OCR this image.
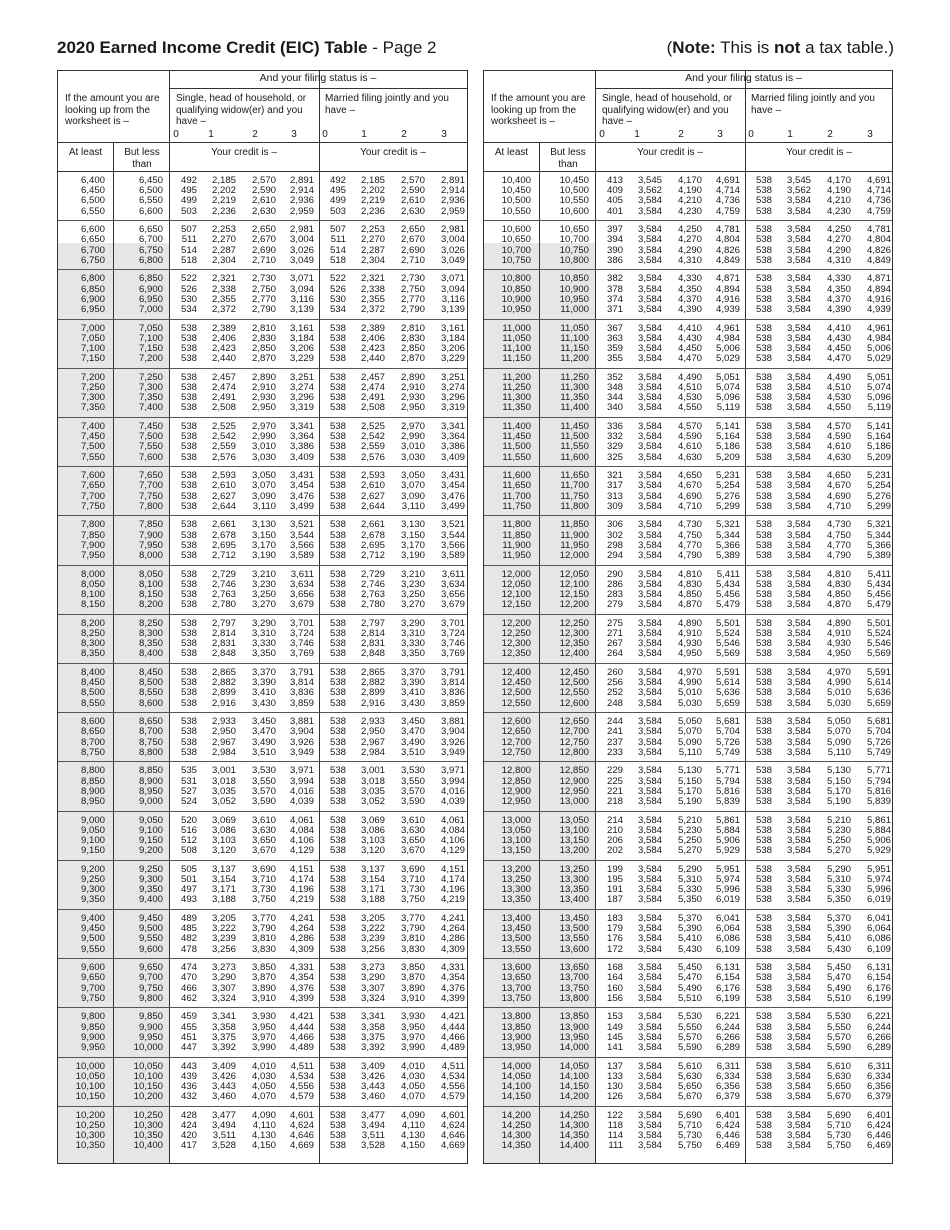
2020 Earned Income Credit (EIC) Table - Page 2	(Note: This is not a tax table.)
And your filing status is –
If the amount you are looking up from the worksheet is –
Single, head of household, or qualifying widow(er) and you have –
Married filing jointly and you have –
0	0
1	1
2	2
3	3
At least	But less than
Your credit is –	Your credit is –
6,400	6,450	492	2,185	2,570	2,891	492	2,185	2,570	2,891
6,450	6,500	495	2,202	2,590	2,914	495	2,202	2,590	2,914
6,500	6,550	499	2,219	2,610	2,936	499	2,219	2,610	2,936
6,550	6,600	503	2,236	2,630	2,959	503	2,236	2,630	2,959
6,600	6,650	507	2,253	2,650	2,981	507	2,253	2,650	2,981
6,650	6,700	511	2,270	2,670	3,004	511	2,270	2,670	3,004
6,700	6,750	514	2,287	2,690	3,026	514	2,287	2,690	3,026
6,750	6,800	518	2,304	2,710	3,049	518	2,304	2,710	3,049
6,800	6,850	522	2,321	2,730	3,071	522	2,321	2,730	3,071
6,850	6,900	526	2,338	2,750	3,094	526	2,338	2,750	3,094
6,900	6,950	530	2,355	2,770	3,116	530	2,355	2,770	3,116
6,950	7,000	534	2,372	2,790	3,139	534	2,372	2,790	3,139
7,000	7,050	538	2,389	2,810	3,161	538	2,389	2,810	3,161
7,050	7,100	538	2,406	2,830	3,184	538	2,406	2,830	3,184
7,100	7,150	538	2,423	2,850	3,206	538	2,423	2,850	3,206
7,150	7,200	538	2,440	2,870	3,229	538	2,440	2,870	3,229
7,200	7,250	538	2,457	2,890	3,251	538	2,457	2,890	3,251
7,250	7,300	538	2,474	2,910	3,274	538	2,474	2,910	3,274
7,300	7,350	538	2,491	2,930	3,296	538	2,491	2,930	3,296
7,350	7,400	538	2,508	2,950	3,319	538	2,508	2,950	3,319
7,400	7,450	538	2,525	2,970	3,341	538	2,525	2,970	3,341
7,450	7,500	538	2,542	2,990	3,364	538	2,542	2,990	3,364
7,500	7,550	538	2,559	3,010	3,386	538	2,559	3,010	3,386
7,550	7,600	538	2,576	3,030	3,409	538	2,576	3,030	3,409
7,600	7,650	538	2,593	3,050	3,431	538	2,593	3,050	3,431
7,650	7,700	538	2,610	3,070	3,454	538	2,610	3,070	3,454
7,700	7,750	538	2,627	3,090	3,476	538	2,627	3,090	3,476
7,750	7,800	538	2,644	3,110	3,499	538	2,644	3,110	3,499
7,800	7,850	538	2,661	3,130	3,521	538	2,661	3,130	3,521
7,850	7,900	538	2,678	3,150	3,544	538	2,678	3,150	3,544
7,900	7,950	538	2,695	3,170	3,566	538	2,695	3,170	3,566
7,950	8,000	538	2,712	3,190	3,589	538	2,712	3,190	3,589
8,000	8,050	538	2,729	3,210	3,611	538	2,729	3,210	3,611
8,050	8,100	538	2,746	3,230	3,634	538	2,746	3,230	3,634
8,100	8,150	538	2,763	3,250	3,656	538	2,763	3,250	3,656
8,150	8,200	538	2,780	3,270	3,679	538	2,780	3,270	3,679
8,200	8,250	538	2,797	3,290	3,701	538	2,797	3,290	3,701
8,250	8,300	538	2,814	3,310	3,724	538	2,814	3,310	3,724
8,300	8,350	538	2,831	3,330	3,746	538	2,831	3,330	3,746
8,350	8,400	538	2,848	3,350	3,769	538	2,848	3,350	3,769
8,400	8,450	538	2,865	3,370	3,791	538	2,865	3,370	3,791
8,450	8,500	538	2,882	3,390	3,814	538	2,882	3,390	3,814
8,500	8,550	538	2,899	3,410	3,836	538	2,899	3,410	3,836
8,550	8,600	538	2,916	3,430	3,859	538	2,916	3,430	3,859
8,600	8,650	538	2,933	3,450	3,881	538	2,933	3,450	3,881
8,650	8,700	538	2,950	3,470	3,904	538	2,950	3,470	3,904
8,700	8,750	538	2,967	3,490	3,926	538	2,967	3,490	3,926
8,750	8,800	538	2,984	3,510	3,949	538	2,984	3,510	3,949
8,800	8,850	535	3,001	3,530	3,971	538	3,001	3,530	3,971
8,850	8,900	531	3,018	3,550	3,994	538	3,018	3,550	3,994
8,900	8,950	527	3,035	3,570	4,016	538	3,035	3,570	4,016
8,950	9,000	524	3,052	3,590	4,039	538	3,052	3,590	4,039
9,000	9,050	520	3,069	3,610	4,061	538	3,069	3,610	4,061
9,050	9,100	516	3,086	3,630	4,084	538	3,086	3,630	4,084
9,100	9,150	512	3,103	3,650	4,106	538	3,103	3,650	4,106
9,150	9,200	508	3,120	3,670	4,129	538	3,120	3,670	4,129
9,200	9,250	505	3,137	3,690	4,151	538	3,137	3,690	4,151
9,250	9,300	501	3,154	3,710	4,174	538	3,154	3,710	4,174
9,300	9,350	497	3,171	3,730	4,196	538	3,171	3,730	4,196
9,350	9,400	493	3,188	3,750	4,219	538	3,188	3,750	4,219
9,400	9,450	489	3,205	3,770	4,241	538	3,205	3,770	4,241
9,450	9,500	485	3,222	3,790	4,264	538	3,222	3,790	4,264
9,500	9,550	482	3,239	3,810	4,286	538	3,239	3,810	4,286
9,550	9,600	478	3,256	3,830	4,309	538	3,256	3,830	4,309
9,600	9,650	474	3,273	3,850	4,331	538	3,273	3,850	4,331
9,650	9,700	470	3,290	3,870	4,354	538	3,290	3,870	4,354
9,700	9,750	466	3,307	3,890	4,376	538	3,307	3,890	4,376
9,750	9,800	462	3,324	3,910	4,399	538	3,324	3,910	4,399
9,800	9,850	459	3,341	3,930	4,421	538	3,341	3,930	4,421
9,850	9,900	455	3,358	3,950	4,444	538	3,358	3,950	4,444
9,900	9,950	451	3,375	3,970	4,466	538	3,375	3,970	4,466
9,950	10,000	447	3,392	3,990	4,489	538	3,392	3,990	4,489
10,000	10,050	443	3,409	4,010	4,511	538	3,409	4,010	4,511
10,050	10,100	439	3,426	4,030	4,534	538	3,426	4,030	4,534
10,100	10,150	436	3,443	4,050	4,556	538	3,443	4,050	4,556
10,150	10,200	432	3,460	4,070	4,579	538	3,460	4,070	4,579
10,200	10,250	428	3,477	4,090	4,601	538	3,477	4,090	4,601
10,250	10,300	424	3,494	4,110	4,624	538	3,494	4,110	4,624
10,300	10,350	420	3,511	4,130	4,646	538	3,511	4,130	4,646
10,350	10,400	417	3,528	4,150	4,669	538	3,528	4,150	4,669
And your filing status is –
If the amount you are looking up from the worksheet is –
Single, head of household, or qualifying widow(er) and you have –
Married filing jointly and you have –
0	0
1	1
2	2
3	3
At least	But less than
Your credit is –	Your credit is –
10,400	10,450	413	3,545	4,170	4,691	538	3,545	4,170	4,691
10,450	10,500	409	3,562	4,190	4,714	538	3,562	4,190	4,714
10,500	10,550	405	3,584	4,210	4,736	538	3,584	4,210	4,736
10,550	10,600	401	3,584	4,230	4,759	538	3,584	4,230	4,759
10,600	10,650	397	3,584	4,250	4,781	538	3,584	4,250	4,781
10,650	10,700	394	3,584	4,270	4,804	538	3,584	4,270	4,804
10,700	10,750	390	3,584	4,290	4,826	538	3,584	4,290	4,826
10,750	10,800	386	3,584	4,310	4,849	538	3,584	4,310	4,849
10,800	10,850	382	3,584	4,330	4,871	538	3,584	4,330	4,871
10,850	10,900	378	3,584	4,350	4,894	538	3,584	4,350	4,894
10,900	10,950	374	3,584	4,370	4,916	538	3,584	4,370	4,916
10,950	11,000	371	3,584	4,390	4,939	538	3,584	4,390	4,939
11,000	11,050	367	3,584	4,410	4,961	538	3,584	4,410	4,961
11,050	11,100	363	3,584	4,430	4,984	538	3,584	4,430	4,984
11,100	11,150	359	3,584	4,450	5,006	538	3,584	4,450	5,006
11,150	11,200	355	3,584	4,470	5,029	538	3,584	4,470	5,029
11,200	11,250	352	3,584	4,490	5,051	538	3,584	4,490	5,051
11,250	11,300	348	3,584	4,510	5,074	538	3,584	4,510	5,074
11,300	11,350	344	3,584	4,530	5,096	538	3,584	4,530	5,096
11,350	11,400	340	3,584	4,550	5,119	538	3,584	4,550	5,119
11,400	11,450	336	3,584	4,570	5,141	538	3,584	4,570	5,141
11,450	11,500	332	3,584	4,590	5,164	538	3,584	4,590	5,164
11,500	11,550	329	3,584	4,610	5,186	538	3,584	4,610	5,186
11,550	11,600	325	3,584	4,630	5,209	538	3,584	4,630	5,209
11,600	11,650	321	3,584	4,650	5,231	538	3,584	4,650	5,231
11,650	11,700	317	3,584	4,670	5,254	538	3,584	4,670	5,254
11,700	11,750	313	3,584	4,690	5,276	538	3,584	4,690	5,276
11,750	11,800	309	3,584	4,710	5,299	538	3,584	4,710	5,299
11,800	11,850	306	3,584	4,730	5,321	538	3,584	4,730	5,321
11,850	11,900	302	3,584	4,750	5,344	538	3,584	4,750	5,344
11,900	11,950	298	3,584	4,770	5,366	538	3,584	4,770	5,366
11,950	12,000	294	3,584	4,790	5,389	538	3,584	4,790	5,389
12,000	12,050	290	3,584	4,810	5,411	538	3,584	4,810	5,411
12,050	12,100	286	3,584	4,830	5,434	538	3,584	4,830	5,434
12,100	12,150	283	3,584	4,850	5,456	538	3,584	4,850	5,456
12,150	12,200	279	3,584	4,870	5,479	538	3,584	4,870	5,479
12,200	12,250	275	3,584	4,890	5,501	538	3,584	4,890	5,501
12,250	12,300	271	3,584	4,910	5,524	538	3,584	4,910	5,524
12,300	12,350	267	3,584	4,930	5,546	538	3,584	4,930	5,546
12,350	12,400	264	3,584	4,950	5,569	538	3,584	4,950	5,569
12,400	12,450	260	3,584	4,970	5,591	538	3,584	4,970	5,591
12,450	12,500	256	3,584	4,990	5,614	538	3,584	4,990	5,614
12,500	12,550	252	3,584	5,010	5,636	538	3,584	5,010	5,636
12,550	12,600	248	3,584	5,030	5,659	538	3,584	5,030	5,659
12,600	12,650	244	3,584	5,050	5,681	538	3,584	5,050	5,681
12,650	12,700	241	3,584	5,070	5,704	538	3,584	5,070	5,704
12,700	12,750	237	3,584	5,090	5,726	538	3,584	5,090	5,726
12,750	12,800	233	3,584	5,110	5,749	538	3,584	5,110	5,749
12,800	12,850	229	3,584	5,130	5,771	538	3,584	5,130	5,771
12,850	12,900	225	3,584	5,150	5,794	538	3,584	5,150	5,794
12,900	12,950	221	3,584	5,170	5,816	538	3,584	5,170	5,816
12,950	13,000	218	3,584	5,190	5,839	538	3,584	5,190	5,839
13,000	13,050	214	3,584	5,210	5,861	538	3,584	5,210	5,861
13,050	13,100	210	3,584	5,230	5,884	538	3,584	5,230	5,884
13,100	13,150	206	3,584	5,250	5,906	538	3,584	5,250	5,906
13,150	13,200	202	3,584	5,270	5,929	538	3,584	5,270	5,929
13,200	13,250	199	3,584	5,290	5,951	538	3,584	5,290	5,951
13,250	13,300	195	3,584	5,310	5,974	538	3,584	5,310	5,974
13,300	13,350	191	3,584	5,330	5,996	538	3,584	5,330	5,996
13,350	13,400	187	3,584	5,350	6,019	538	3,584	5,350	6,019
13,400	13,450	183	3,584	5,370	6,041	538	3,584	5,370	6,041
13,450	13,500	179	3,584	5,390	6,064	538	3,584	5,390	6,064
13,500	13,550	176	3,584	5,410	6,086	538	3,584	5,410	6,086
13,550	13,600	172	3,584	5,430	6,109	538	3,584	5,430	6,109
13,600	13,650	168	3,584	5,450	6,131	538	3,584	5,450	6,131
13,650	13,700	164	3,584	5,470	6,154	538	3,584	5,470	6,154
13,700	13,750	160	3,584	5,490	6,176	538	3,584	5,490	6,176
13,750	13,800	156	3,584	5,510	6,199	538	3,584	5,510	6,199
13,800	13,850	153	3,584	5,530	6,221	538	3,584	5,530	6,221
13,850	13,900	149	3,584	5,550	6,244	538	3,584	5,550	6,244
13,900	13,950	145	3,584	5,570	6,266	538	3,584	5,570	6,266
13,950	14,000	141	3,584	5,590	6,289	538	3,584	5,590	6,289
14,000	14,050	137	3,584	5,610	6,311	538	3,584	5,610	6,311
14,050	14,100	133	3,584	5,630	6,334	538	3,584	5,630	6,334
14,100	14,150	130	3,584	5,650	6,356	538	3,584	5,650	6,356
14,150	14,200	126	3,584	5,670	6,379	538	3,584	5,670	6,379
14,200	14,250	122	3,584	5,690	6,401	538	3,584	5,690	6,401
14,250	14,300	118	3,584	5,710	6,424	538	3,584	5,710	6,424
14,300	14,350	114	3,584	5,730	6,446	538	3,584	5,730	6,446
14,350	14,400	111	3,584	5,750	6,469	538	3,584	5,750	6,469
